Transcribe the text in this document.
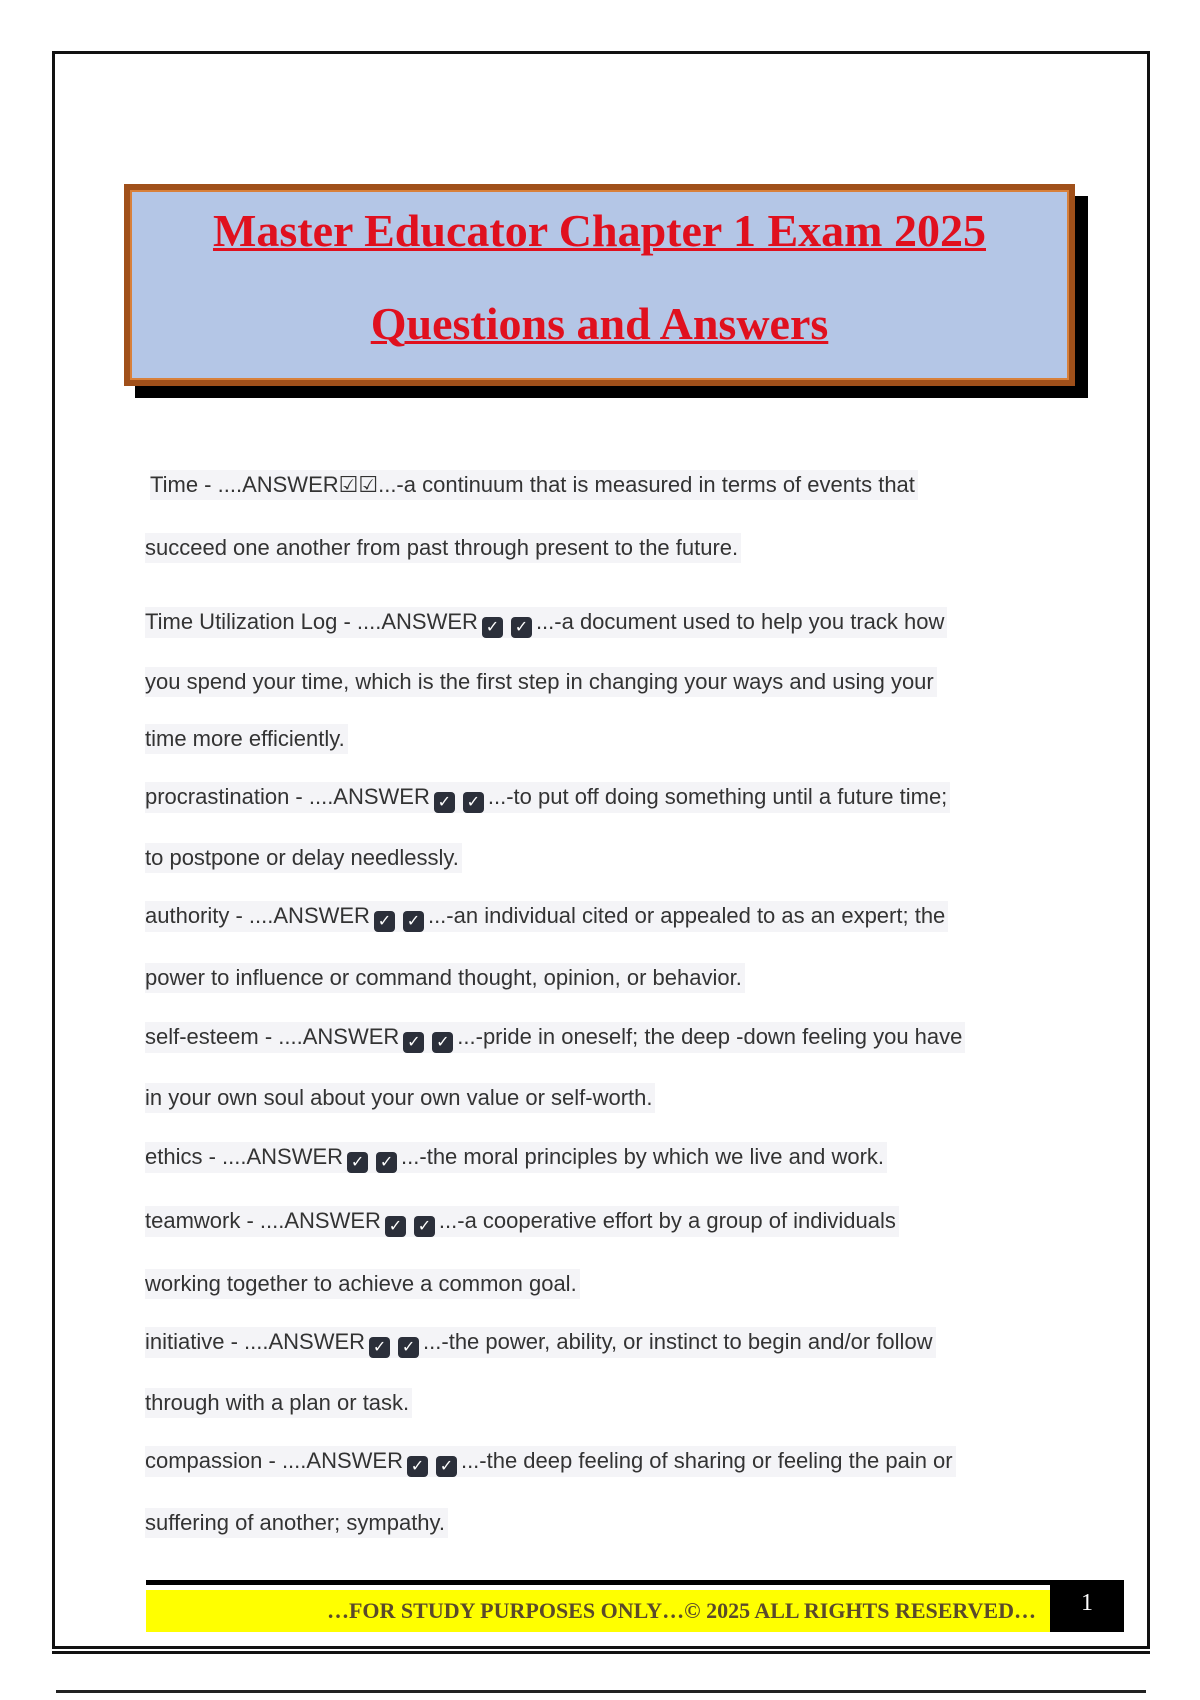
Master Educator Chapter 1 Exam 2025
Questions and Answers
Time - ....ANSWER☑☑...-a continuum that is measured in terms of events that
succeed one another from past through present to the future.
Time Utilization Log - ....ANSWER ✓ ✓ ...-a document used to help you track how
you spend your time, which is the first step in changing your ways and using your
time more efficiently.
procrastination - ....ANSWER ✓ ✓ ...-to put off doing something until a future time;
to postpone or delay needlessly.
authority - ....ANSWER ✓ ✓ ...-an individual cited or appealed to as an expert; the
power to influence or command thought, opinion, or behavior.
self-esteem - ....ANSWER ✓ ✓ ...-pride in oneself; the deep -down feeling you have
in your own soul about your own value or self-worth.
ethics - ....ANSWER ✓ ✓ ...-the moral principles by which we live and work.
teamwork - ....ANSWER ✓ ✓ ...-a cooperative effort by a group of individuals
working together to achieve a common goal.
initiative - ....ANSWER ✓ ✓ ...-the power, ability, or instinct to begin and/or follow
through with a plan or task.
compassion - ....ANSWER ✓ ✓ ...-the deep feeling of sharing or feeling the pain or
suffering of another; sympathy.
…FOR STUDY PURPOSES ONLY…© 2025 ALL RIGHTS RESERVED…	1
